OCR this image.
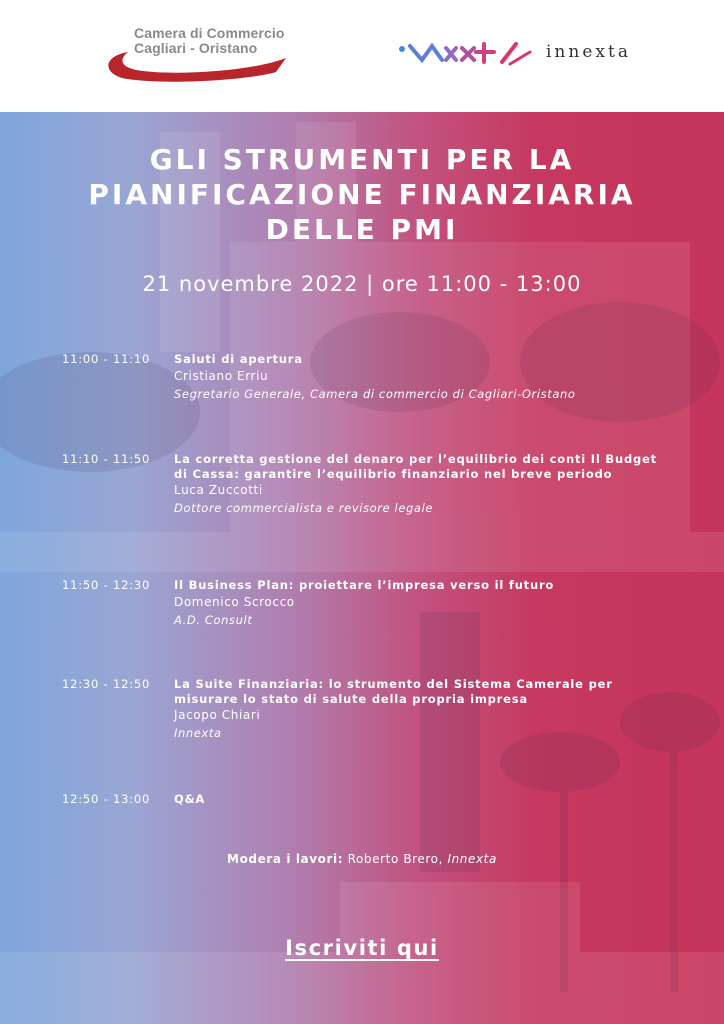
Camera di Commercio
Cagliari - Oristano	innexta
GLI STRUMENTI PER LA
PIANIFICAZIONE FINANZIARIA
DELLE PMI
21 novembre 2022 | ore 11:00 - 13:00
11:00 - 11:10	Saluti di apertura
Cristiano Erriu
Segretario Generale, Camera di commercio di Cagliari-Oristano
11:10 - 11:50	La corretta gestione del denaro per l’equilibrio dei conti Il Budget di Cassa: garantire l’equilibrio finanziario nel breve periodo
Luca Zuccotti
Dottore commercialista e revisore legale
11:50 - 12:30	Il Business Plan: proiettare l’impresa verso il futuro
Domenico Scrocco
A.D. Consult
12:30 - 12:50	La Suite Finanziaria: lo strumento del Sistema Camerale per misurare lo stato di salute della propria impresa
Jacopo Chiari
Innexta
12:50 - 13:00	Q&A
Modera i lavori: Roberto Brero, Innexta
Iscriviti qui
